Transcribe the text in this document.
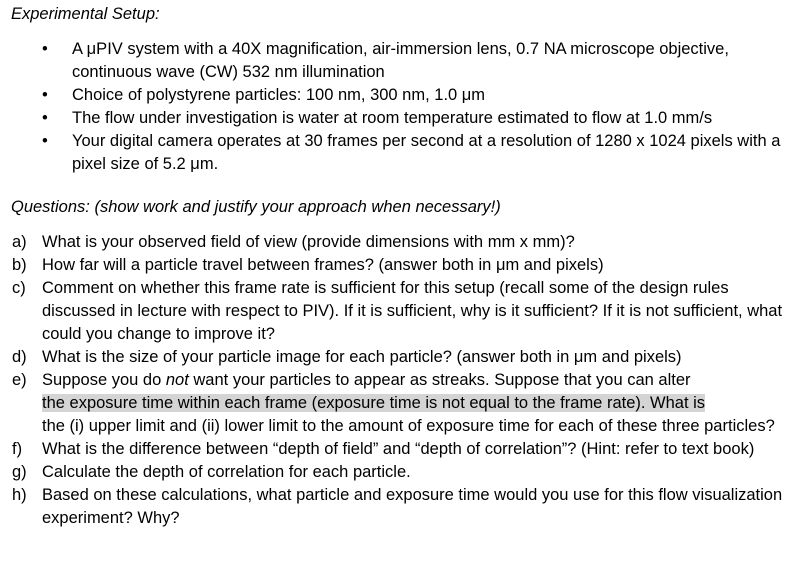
Experimental Setup:
• A μPIV system with a 40X magnification, air-immersion lens, 0.7 NA microscope objective, continuous wave (CW) 532 nm illumination
• Choice of polystyrene particles: 100 nm, 300 nm, 1.0 μm
• The flow under investigation is water at room temperature estimated to flow at 1.0 mm/s
• Your digital camera operates at 30 frames per second at a resolution of 1280 x 1024 pixels with a pixel size of 5.2 μm.
Questions: (show work and justify your approach when necessary!)
a) What is your observed field of view (provide dimensions with mm x mm)?
b) How far will a particle travel between frames? (answer both in μm and pixels)
c) Comment on whether this frame rate is sufficient for this setup (recall some of the design rules discussed in lecture with respect to PIV). If it is sufficient, why is it sufficient? If it is not sufficient, what could you change to improve it?
d) What is the size of your particle image for each particle? (answer both in μm and pixels)
e) Suppose you do not want your particles to appear as streaks. Suppose that you can alter
the exposure time within each frame (exposure time is not equal to the frame rate). What is
the (i) upper limit and (ii) lower limit to the amount of exposure time for each of these three particles?
f) What is the difference between “depth of field” and “depth of correlation”? (Hint: refer to text book)
g) Calculate the depth of correlation for each particle.
h) Based on these calculations, what particle and exposure time would you use for this flow visualization experiment? Why?
